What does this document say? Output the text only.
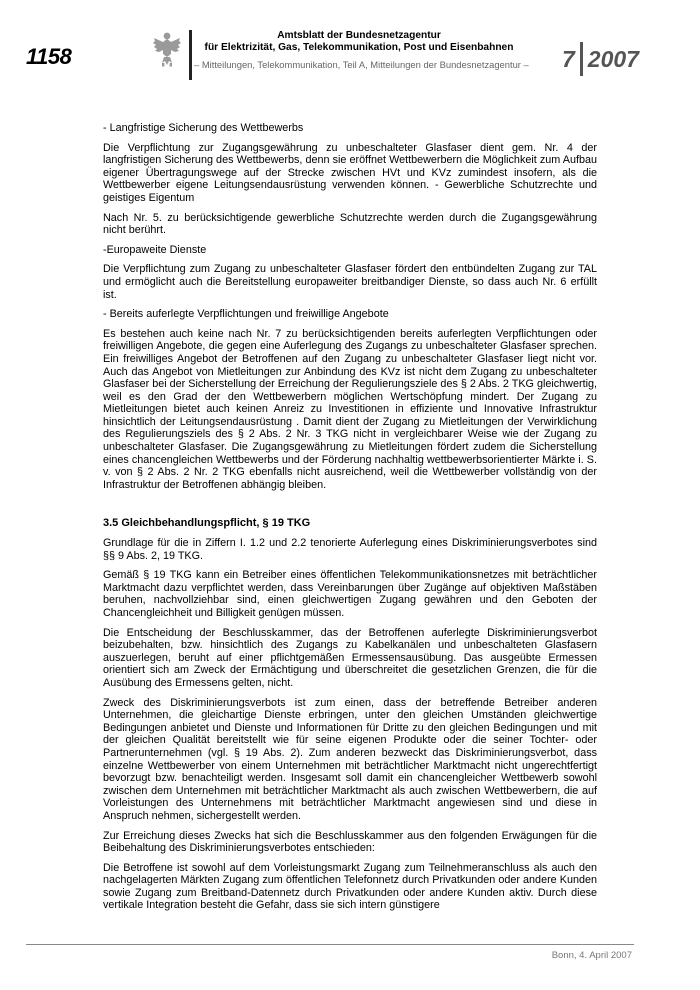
1158
Amtsblatt der Bundesnetzagentur
für Elektrizität, Gas, Telekommunikation, Post und Eisenbahnen
– Mitteilungen, Telekommunikation, Teil A, Mitteilungen der Bundesnetzagentur – 7 2007

- Langfristige Sicherung des Wettbewerbs

Die Verpflichtung zur Zugangsgewährung zu unbeschalteter Glasfaser dient gem. Nr. 4 der langfristigen Sicherung des Wettbewerbs, denn sie eröffnet Wettbewerbern die Möglichkeit zum Aufbau eigener Übertragungswege auf der Strecke zwischen HVt und KVz zumindest insofern, als die Wettbewerber eigene Leitungsendausrüstung verwenden können. - Gewerbliche Schutzrechte und geistiges Eigentum

Nach Nr. 5. zu berücksichtigende gewerbliche Schutzrechte werden durch die Zugangsgewährung nicht berührt.

-Europaweite Dienste

Die Verpflichtung zum Zugang zu unbeschalteter Glasfaser fördert den entbündelten Zugang zur TAL und ermöglicht auch die Bereitstellung europaweiter breitbandiger Dienste, so dass auch Nr. 6 erfüllt ist.

- Bereits auferlegte Verpflichtungen und freiwillige Angebote

Es bestehen auch keine nach Nr. 7 zu berücksichtigenden bereits auferlegten Verpflichtungen oder freiwilligen Angebote, die gegen eine Auferlegung des Zugangs zu unbeschalteter Glasfaser sprechen. Ein freiwilliges Angebot der Betroffenen auf den Zugang zu unbeschalteter Glasfaser liegt nicht vor. Auch das Angebot von Mietleitungen zur Anbindung des KVz ist nicht dem Zugang zu unbeschalteter Glasfaser bei der Sicherstellung der Erreichung der Regulierungsziele des § 2 Abs. 2 TKG gleichwertig, weil es den Grad der den Wettbewerbern möglichen Wertschöpfung mindert. Der Zugang zu Mietleitungen bietet auch keinen Anreiz zu Investitionen in effiziente und Innovative Infrastruktur hinsichtlich der Leitungsendausrüstung . Damit dient der Zugang zu Mietleitungen der Verwirklichung des Regulierungsziels des § 2 Abs. 2 Nr. 3 TKG nicht in vergleichbarer Weise wie der Zugang zu unbeschalteter Glasfaser. Die Zugangsgewährung zu Mietleitungen fördert zudem die Sicherstellung eines chancengleichen Wettbewerbs und der Förderung nachhaltig wettbewerbsorientierter Märkte i. S. v. von § 2 Abs. 2 Nr. 2 TKG ebenfalls nicht ausreichend, weil die Wettbewerber vollständig von der Infrastruktur der Betroffenen abhängig bleiben.

3.5 Gleichbehandlungspflicht, § 19 TKG

Grundlage für die in Ziffern I. 1.2 und 2.2 tenorierte Auferlegung eines Diskriminierungsverbotes sind §§ 9 Abs. 2, 19 TKG.

Gemäß § 19 TKG kann ein Betreiber eines öffentlichen Telekommunikationsnetzes mit beträchtlicher Marktmacht dazu verpflichtet werden, dass Vereinbarungen über Zugänge auf objektiven Maßstäben beruhen, nachvollziehbar sind, einen gleichwertigen Zugang gewähren und den Geboten der Chancengleichheit und Billigkeit genügen müssen.

Die Entscheidung der Beschlusskammer, das der Betroffenen auferlegte Diskriminierungsverbot beizubehalten, bzw. hinsichtlich des Zugangs zu Kabelkanälen und unbeschalteten Glasfasern auszuerlegen, beruht auf einer pflichtgemäßen Ermessensausübung. Das ausgeübte Ermessen orientiert sich am Zweck der Ermächtigung und überschreitet die gesetzlichen Grenzen, die für die Ausübung des Ermessens gelten, nicht.

Zweck des Diskriminierungsverbots ist zum einen, dass der betreffende Betreiber anderen Unternehmen, die gleichartige Dienste erbringen, unter den gleichen Umständen gleichwertige Bedingungen anbietet und Dienste und Informationen für Dritte zu den gleichen Bedingungen und mit der gleichen Qualität bereitstellt wie für seine eigenen Produkte oder die seiner Tochter- oder Partnerunternehmen (vgl. § 19 Abs. 2). Zum anderen bezweckt das Diskriminierungsverbot, dass einzelne Wettbewerber von einem Unternehmen mit beträchtlicher Marktmacht nicht ungerechtfertigt bevorzugt bzw. benachteiligt werden. Insgesamt soll damit ein chancengleicher Wettbewerb sowohl zwischen dem Unternehmen mit beträchtlicher Marktmacht als auch zwischen Wettbewerbern, die auf Vorleistungen des Unternehmens mit beträchtlicher Marktmacht angewiesen sind und diese in Anspruch nehmen, sichergestellt werden.

Zur Erreichung dieses Zwecks hat sich die Beschlusskammer aus den folgenden Erwägungen für die Beibehaltung des Diskriminierungsverbotes entschieden:

Die Betroffene ist sowohl auf dem Vorleistungsmarkt Zugang zum Teilnehmeranschluss als auch den nachgelagerten Märkten Zugang zum öffentlichen Telefonnetz durch Privatkunden oder andere Kunden sowie Zugang zum Breitband-Datennetz durch Privatkunden oder andere Kunden aktiv. Durch diese vertikale Integration besteht die Gefahr, dass sie sich intern günstigere

Bonn, 4. April 2007
